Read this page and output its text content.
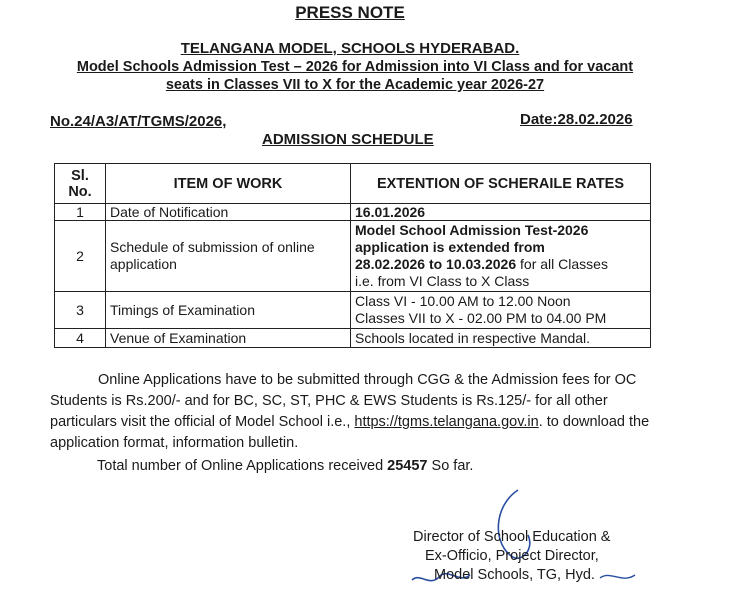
PRESS NOTE
TELANGANA MODEL, SCHOOLS HYDERABAD.
Model Schools Admission Test – 2026 for Admission into VI Class and for vacant
seats in Classes VII to X for the Academic year 2026-27
No.24/A3/AT/TGMS/2026,	Date:28.02.2026
ADMISSION SCHEDULE
Sl.
No.	ITEM OF WORK	EXTENTION OF SCHERAILE RATES
1	Date of Notification	16.01.2026
2	Schedule of submission of online application	Model School Admission Test-2026
application is extended from
28.02.2026 to 10.03.2026 for all Classes
i.e. from VI Class to X Class

3	Timings of Examination	Class VI - 10.00 AM to 12.00 Noon
Classes VII to X - 02.00 PM to 04.00 PM

4	Venue of Examination	Schools located in respective Mandal.
Online Applications have to be submitted through CGG & the Admission fees for OC Students is Rs.200/- and for BC, SC, ST, PHC & EWS Students is Rs.125/- for all other particulars visit the official of Model School i.e., https://tgms.telangana.gov.in. to download the application format, information bulletin.
Total number of Online Applications received 25457 So far.
Director of School Education &
Ex-Officio, Project Director,
Model Schools, TG, Hyd.
